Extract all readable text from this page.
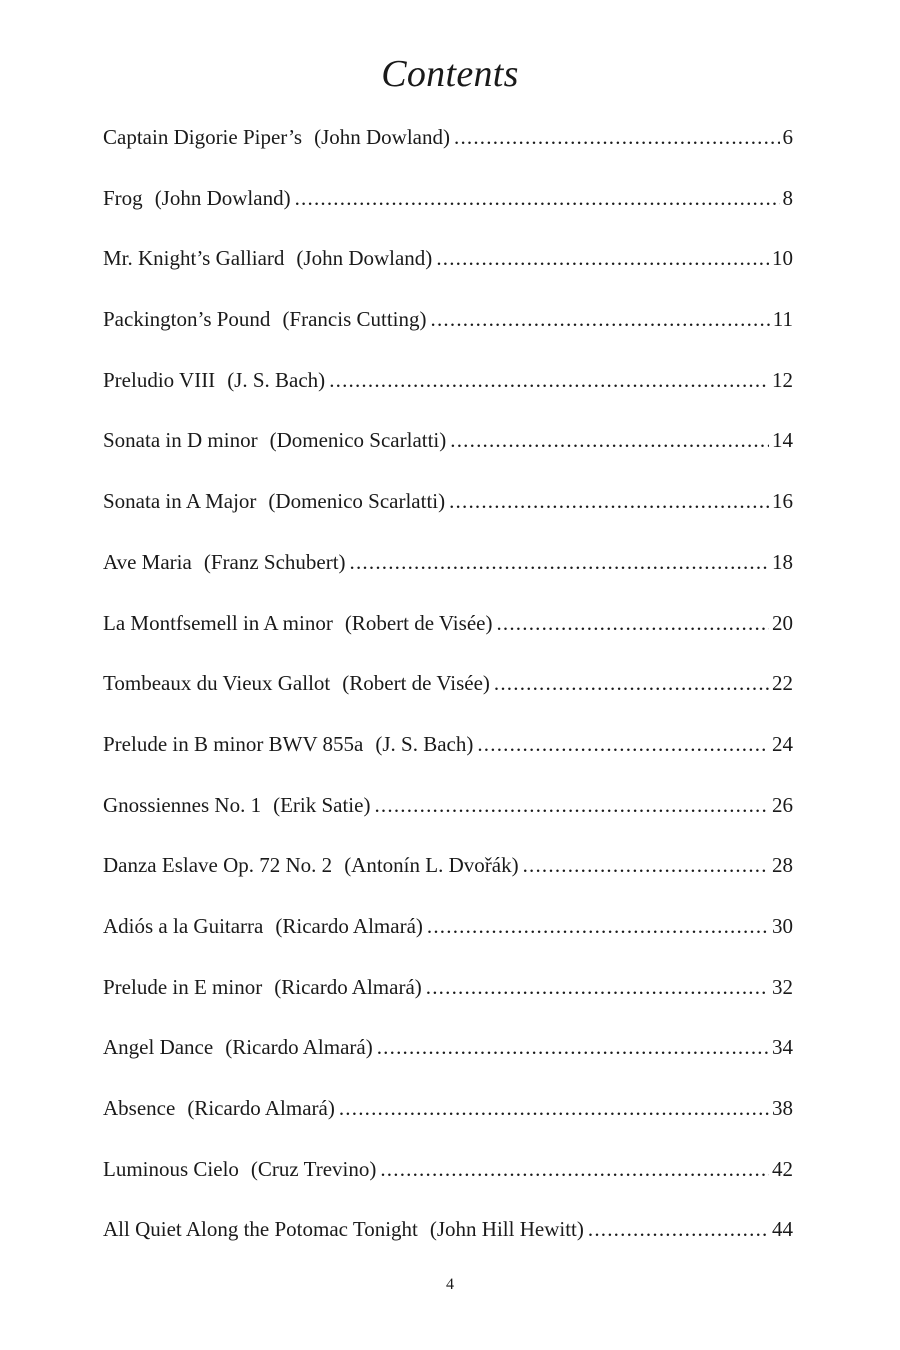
Contents
Captain Digorie Piper’s (John Dowland) .....	6
Frog (John Dowland) .....	8
Mr. Knight’s Galliard (John Dowland) .....	10
Packington’s Pound (Francis Cutting) .....	11
Preludio VIII (J. S. Bach) .....	12
Sonata in D minor (Domenico Scarlatti) .....	14
Sonata in A Major (Domenico Scarlatti) .....	16
Ave Maria (Franz Schubert) .....	18
La Montfsemell in A minor (Robert de Visée) .....	20
Tombeaux du Vieux Gallot (Robert de Visée) .....	22
Prelude in B minor BWV 855a (J. S. Bach) .....	24
Gnossiennes No. 1 (Erik Satie) .....	26
Danza Eslave Op. 72 No. 2 (Antonín L. Dvořák) .....	28
Adiós a la Guitarra (Ricardo Almará) .....	30
Prelude in E minor (Ricardo Almará) .....	32
Angel Dance (Ricardo Almará) .....	34
Absence (Ricardo Almará) .....	38
Luminous Cielo (Cruz Trevino) .....	42
All Quiet Along the Potomac Tonight (John Hill Hewitt) .....	44
4
